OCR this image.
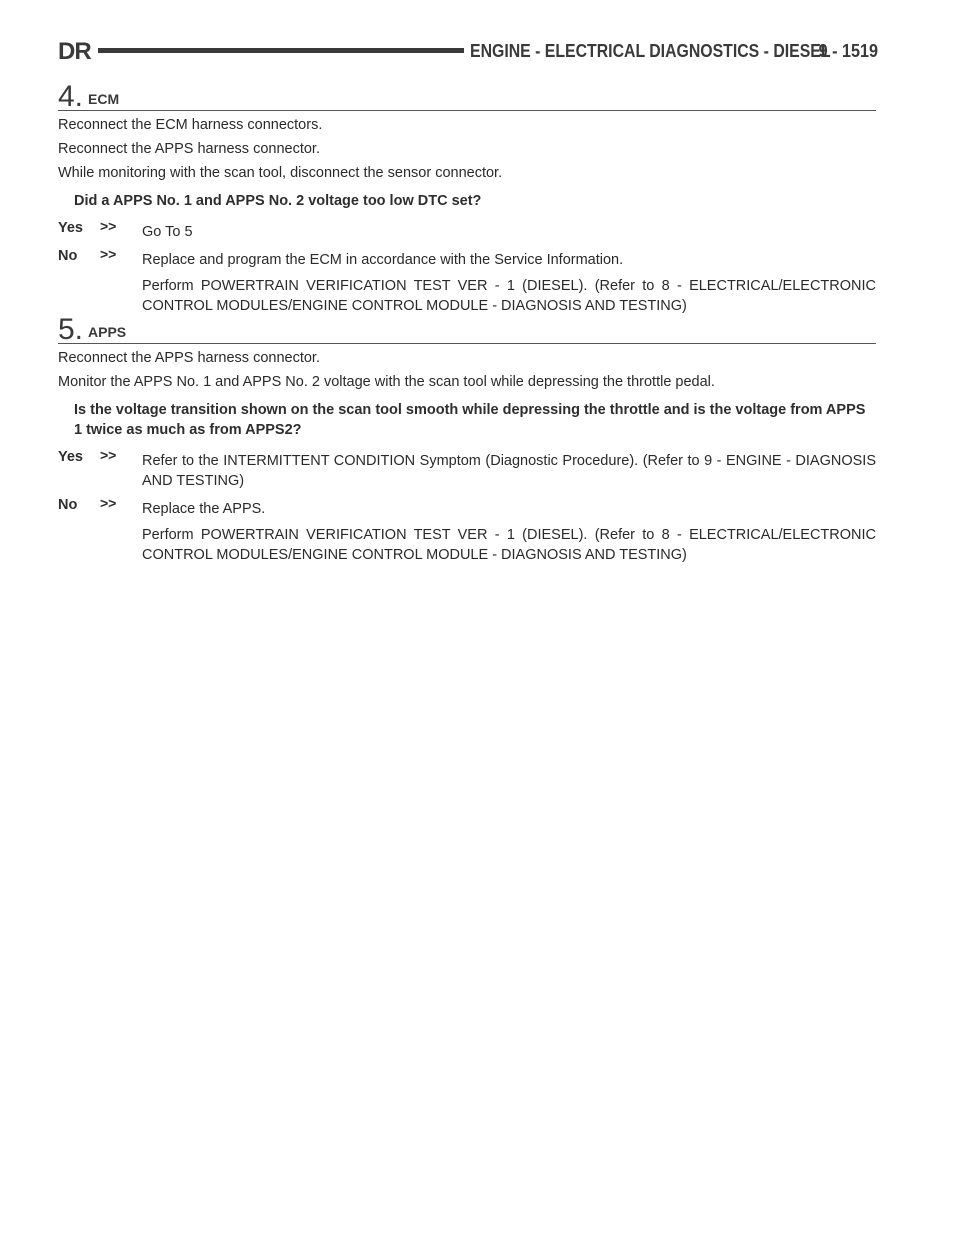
DR	ENGINE - ELECTRICAL DIAGNOSTICS - DIESEL
9 - 1519
4. ECM

Reconnect the ECM harness connectors.

Reconnect the APPS harness connector.

While monitoring with the scan tool, disconnect the sensor connector.

Did a APPS No. 1 and APPS No. 2 voltage too low DTC set?

Yes >> Go To 5

No >> Replace and program the ECM in accordance with the Service Information.

Perform POWERTRAIN VERIFICATION TEST VER - 1 (DIESEL). (Refer to 8 - ELECTRICAL/ELECTRONIC CONTROL MODULES/ENGINE CONTROL MODULE - DIAGNOSIS AND TESTING)

5. APPS

Reconnect the APPS harness connector.

Monitor the APPS No. 1 and APPS No. 2 voltage with the scan tool while depressing the throttle pedal.

Is the voltage transition shown on the scan tool smooth while depressing the throttle and is the voltage from APPS 1 twice as much as from APPS2?

Yes >> Refer to the INTERMITTENT CONDITION Symptom (Diagnostic Procedure). (Refer to 9 - ENGINE - DIAGNOSIS AND TESTING)

No >> Replace the APPS.

Perform POWERTRAIN VERIFICATION TEST VER - 1 (DIESEL). (Refer to 8 - ELECTRICAL/ELECTRONIC CONTROL MODULES/ENGINE CONTROL MODULE - DIAGNOSIS AND TESTING)
